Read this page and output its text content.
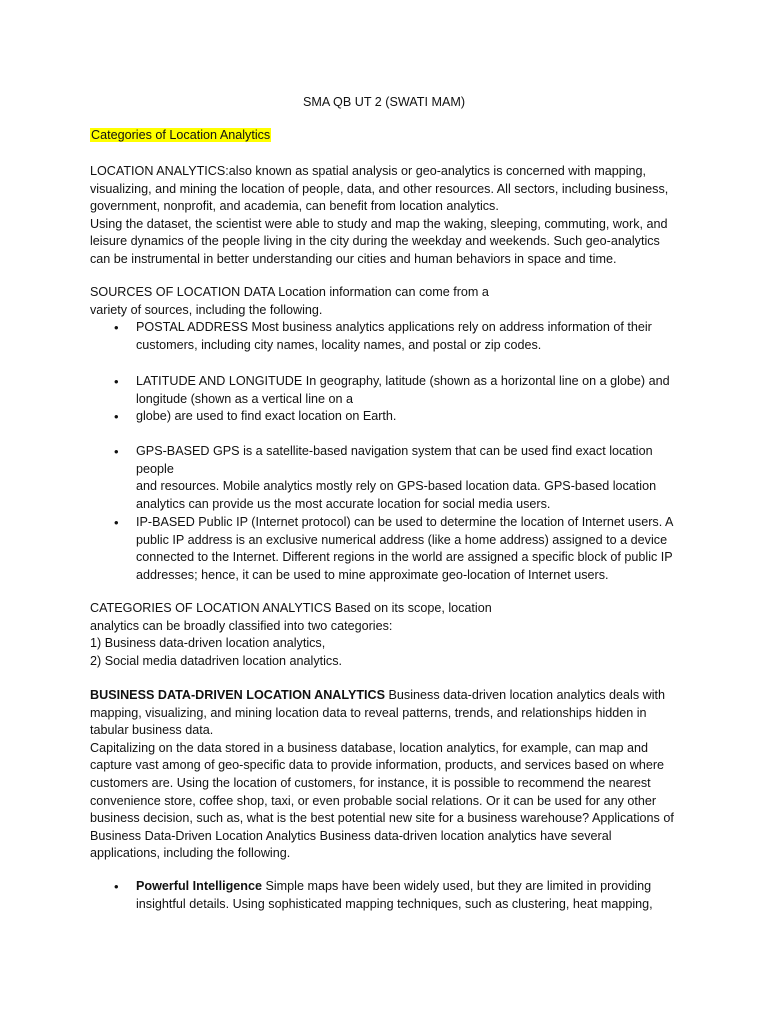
SMA QB UT 2 (SWATI MAM)
Categories of Location Analytics

LOCATION ANALYTICS:also known as spatial analysis or geo-analytics is concerned with mapping,

visualizing, and mining the location of people, data, and other resources. All sectors, including business,

government, nonprofit, and academia, can benefit from location analytics.

Using the dataset, the scientist were able to study and map the waking, sleeping, commuting, work, and

leisure dynamics of the people living in the city during the weekday and weekends. Such geo-analytics

can be instrumental in better understanding our cities and human behaviors in space and time.

SOURCES OF LOCATION DATA Location information can come from a

variety of sources, including the following.

• POSTAL ADDRESS Most business analytics applications rely on address information of their
customers, including city names, locality names, and postal or zip codes.
• LATITUDE AND LONGITUDE In geography, latitude (shown as a horizontal line on a globe) and
longitude (shown as a vertical line on a
• globe) are used to find exact location on Earth.
• GPS-BASED GPS is a satellite-based navigation system that can be used find exact location people
and resources. Mobile analytics mostly rely on GPS-based location data. GPS-based location
analytics can provide us the most accurate location for social media users.
• IP-BASED Public IP (Internet protocol) can be used to determine the location of Internet users. A
public IP address is an exclusive numerical address (like a home address) assigned to a device
connected to the Internet. Different regions in the world are assigned a specific block of public IP
addresses; hence, it can be used to mine approximate geo-location of Internet users.

CATEGORIES OF LOCATION ANALYTICS Based on its scope, location

analytics can be broadly classified into two categories:

1) Business data-driven location analytics,

2) Social media datadriven location analytics.

BUSINESS DATA-DRIVEN LOCATION ANALYTICS Business data-driven location analytics deals with

mapping, visualizing, and mining location data to reveal patterns, trends, and relationships hidden in

tabular business data.

Capitalizing on the data stored in a business database, location analytics, for example, can map and

capture vast among of geo-specific data to provide information, products, and services based on where

customers are. Using the location of customers, for instance, it is possible to recommend the nearest

convenience store, coffee shop, taxi, or even probable social relations. Or it can be used for any other

business decision, such as, what is the best potential new site for a business warehouse? Applications of

Business Data-Driven Location Analytics Business data-driven location analytics have several

applications, including the following.

• Powerful Intelligence Simple maps have been widely used, but they are limited in providing
insightful details. Using sophisticated mapping techniques, such as clustering, heat mapping,
